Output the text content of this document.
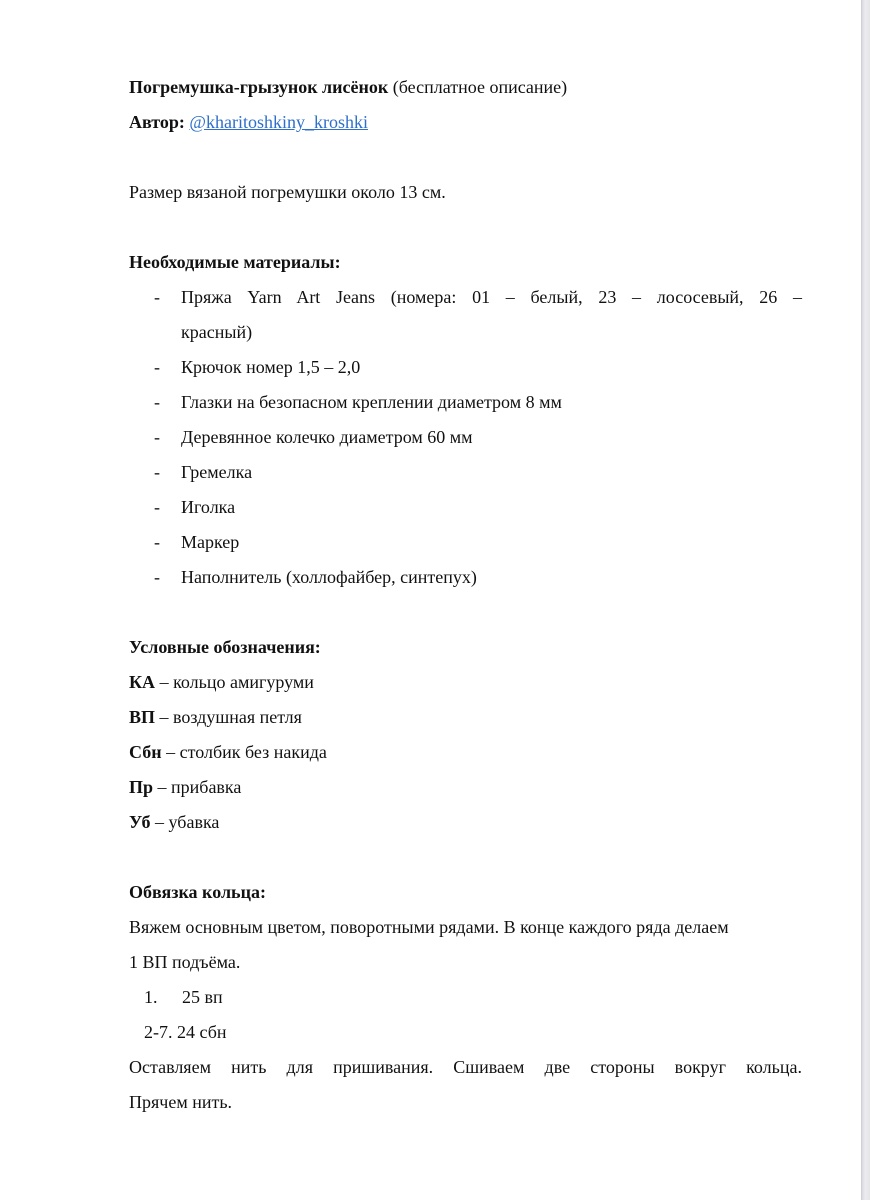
Погремушка-грызунок лисёнок (бесплатное описание)
Автор: @kharitoshkiny_kroshki
Размер вязаной погремушки около 13 см.
Необходимые материалы:
- Пряжа Yarn Art Jeans (номера: 01 – белый, 23 – лососевый, 26 –
красный)
- Крючок номер 1,5 – 2,0
- Глазки на безопасном креплении диаметром 8 мм
- Деревянное колечко диаметром 60 мм
- Гремелка
- Иголка
- Маркер
- Наполнитель (холлофайбер, синтепух)
Условные обозначения:
КА – кольцо амигуруми
ВП – воздушная петля
Сбн – столбик без накида
Пр – прибавка
Уб – убавка
Обвязка кольца:
Вяжем основным цветом, поворотными рядами. В конце каждого ряда делаем
1 ВП подъёма.
1. 25 вп
2-7. 24 сбн
Оставляем нить для пришивания. Сшиваем две стороны вокруг кольца.
Прячем нить.
